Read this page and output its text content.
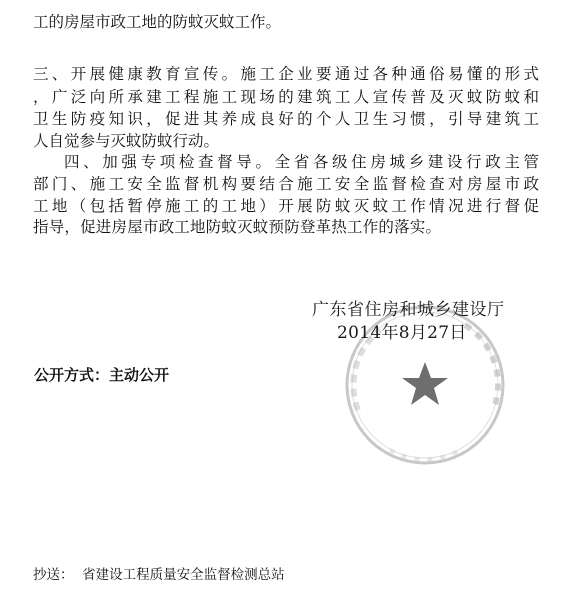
工的房屋市政工地的防蚊灭蚊工作。
三、开展健康教育宣传。施工企业要通过各种通俗易懂的形式
，广泛向所承建工程施工现场的建筑工人宣传普及灭蚊防蚊和
卫生防疫知识，促进其养成良好的个人卫生习惯，引导建筑工
人自觉参与灭蚊防蚊行动。
四、加强专项检查督导。全省各级住房城乡建设行政主管
部门、施工安全监督机构要结合施工安全监督检查对房屋市政
工地（包括暂停施工的工地）开展防蚊灭蚊工作情况进行督促
指导，促进房屋市政工地防蚊灭蚊预防登革热工作的落实。
广东省住房和城乡建设厅
2014年8月27日
公开方式：主动公开
抄送：  省建设工程质量安全监督检测总站
